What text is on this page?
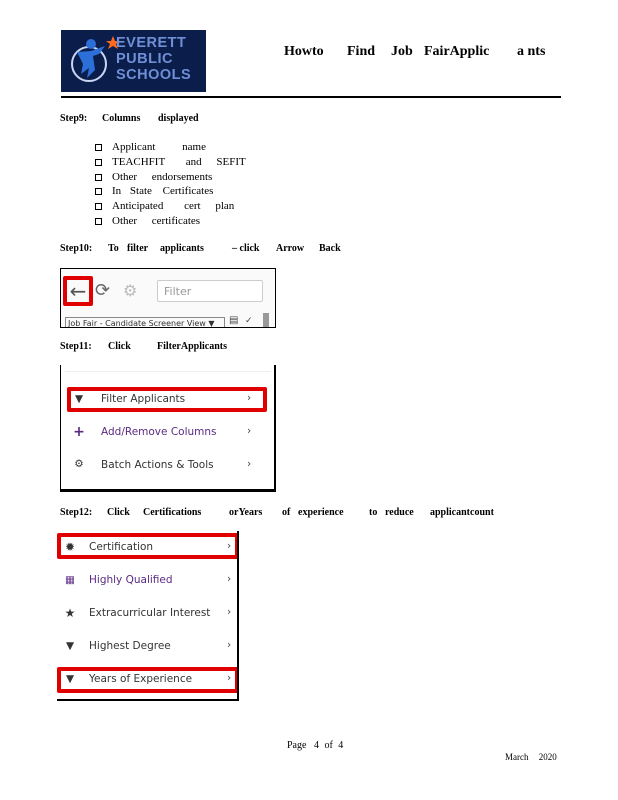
EVERETT
PUBLIC
SCHOOLS
Howto Find Job FairApplic a nts
Step9: Columns displayed
Applicant name
TEACHFIT and SEFIT
Other endorsements
In State Certificates
Anticipated cert plan
Other certificates
Step10: To filter applicants	– click Arrow Back
← ⟳ ⚙	Filter
Job Fair - Candidate Screener View ▼	▤ ✓
Step11: Click	FilterApplicants
▼	Filter Applicants	›
+ Add/Remove Columns	›
⚙	Batch Actions & Tools	›
Step12: Click Certifications	orYears of experience	to reduce applicantcount
✹ Certification	›
▦ Highly Qualified	›
★ Extracurricular Interest ›
▼	Highest Degree	›
▼	Years of Experience	›
Page 4 of 4
March 2020
